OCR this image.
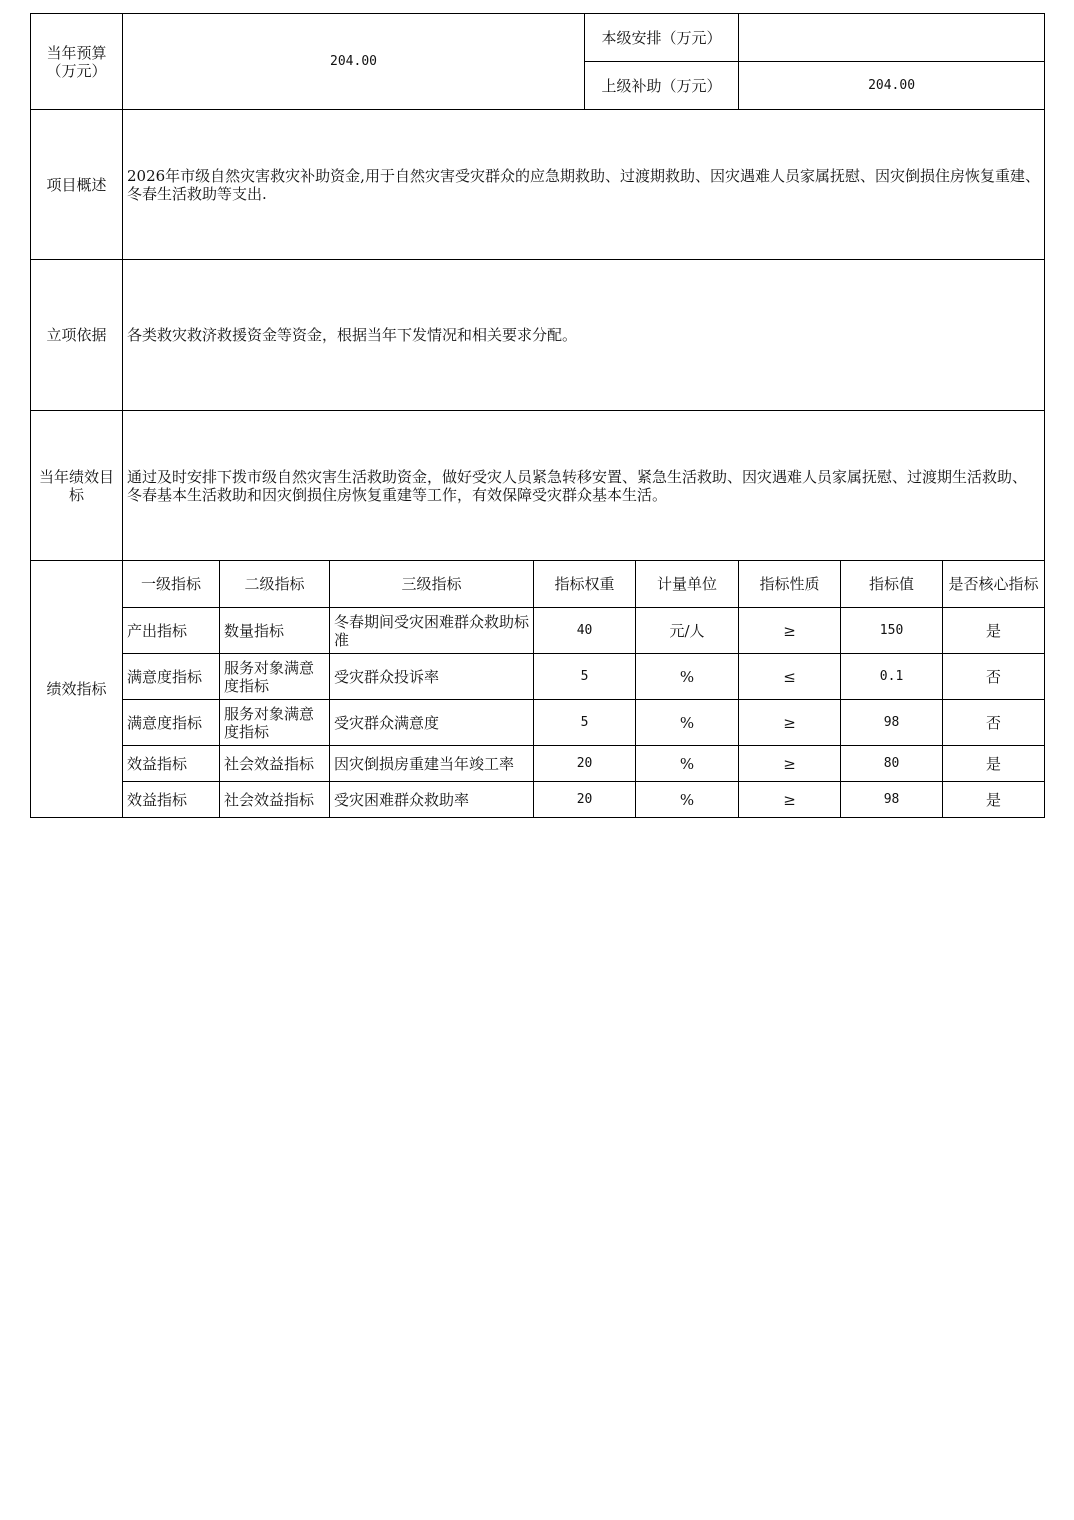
当年预算（万元）	204.00				本级安排（万元）				
					上级补助（万元）		204.00		
项目概述	2026年市级自然灾害救灾补助资金,用于自然灾害受灾群众的应急期救助、过渡期救助、因灾遇难人员家属抚慰、因灾倒损住房恢复重建、冬春生活救助等支出.								
立项依据	各类救灾救济救援资金等资金，根据当年下发情况和相关要求分配。								
当年绩效目标	通过及时安排下拨市级自然灾害生活救助资金，做好受灾人员紧急转移安置、紧急生活救助、因灾遇难人员家属抚慰、过渡期生活救助、冬春基本生活救助和因灾倒损住房恢复重建等工作，有效保障受灾群众基本生活。								
绩效指标	一级指标	二级指标	三级指标	指标权重		计量单位	指标性质	指标值	是否核心指标
	产出指标	数量指标	冬春期间受灾困难群众救助标准	40		元/人	≥	150	是
	满意度指标	服务对象满意度指标	受灾群众投诉率	5		%	≤	0.1	否
	满意度指标	服务对象满意度指标	受灾群众满意度	5		%	≥	98	否
	效益指标	社会效益指标	因灾倒损房重建当年竣工率	20		%	≥	80	是
	效益指标	社会效益指标	受灾困难群众救助率	20		%	≥	98	是
